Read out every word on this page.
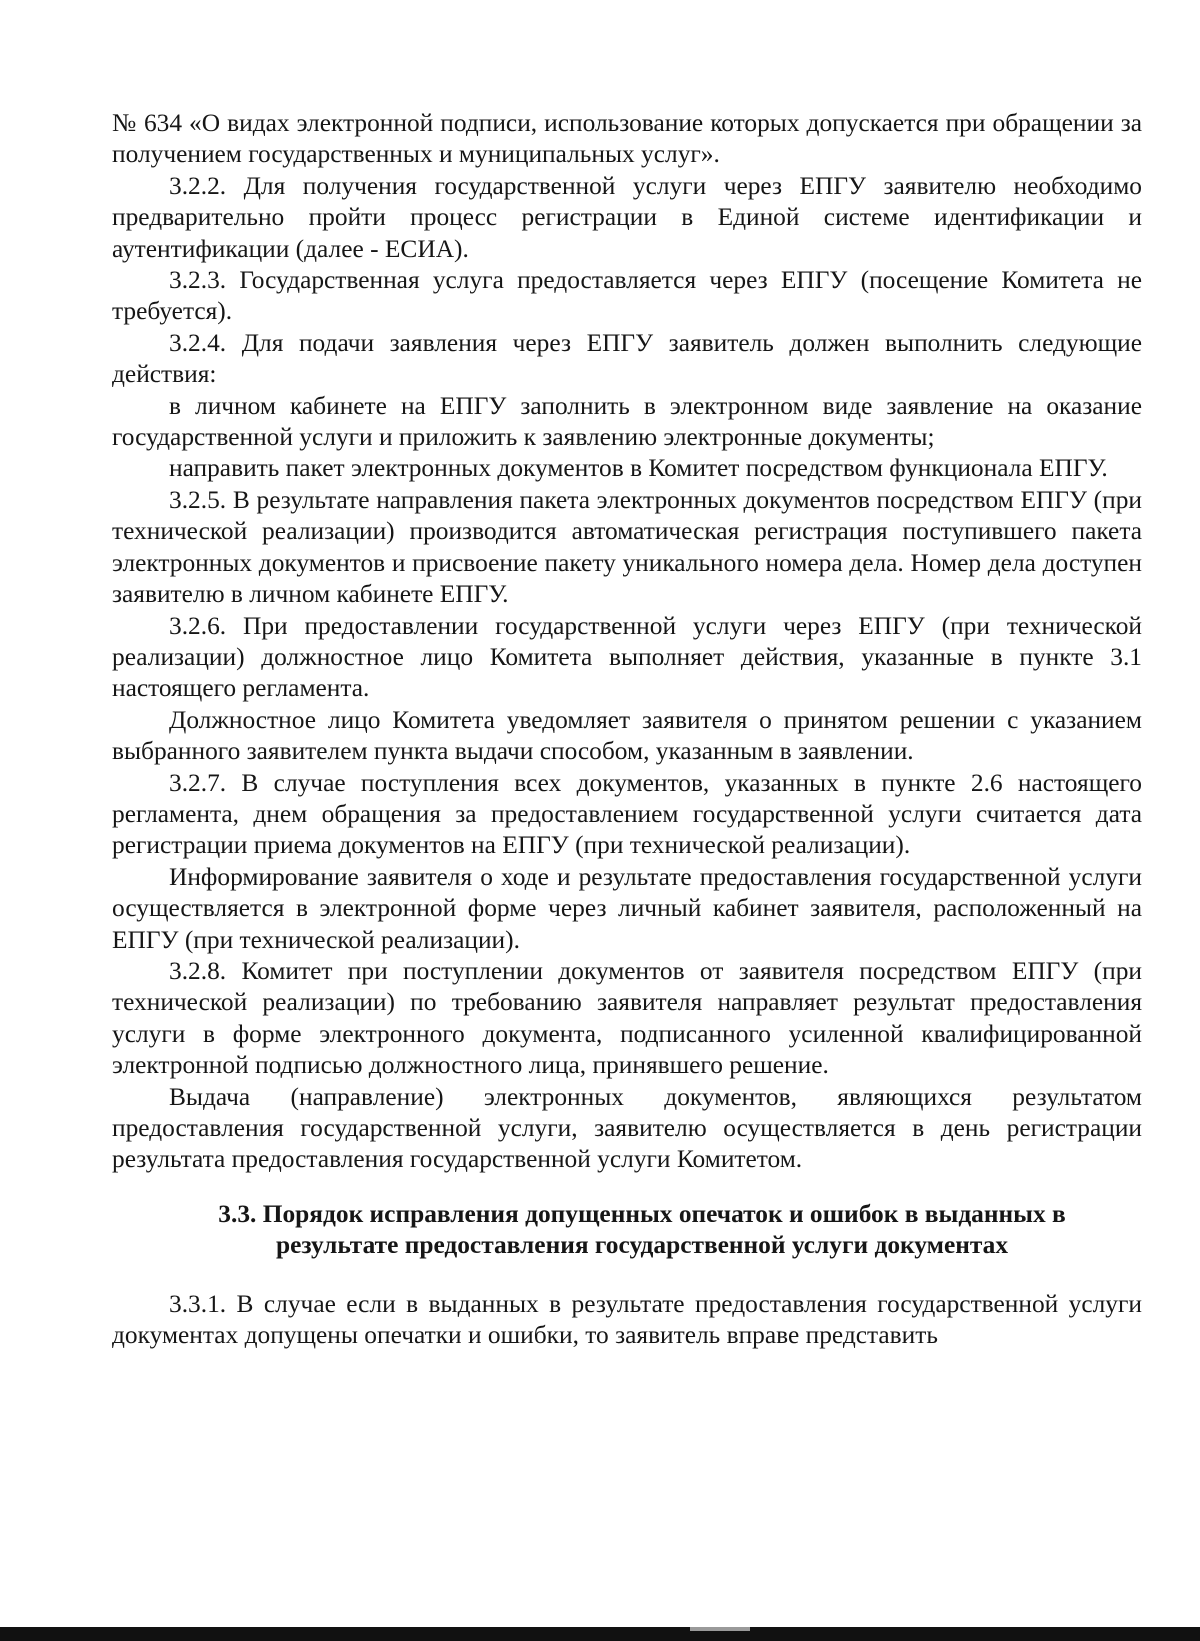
№ 634 «О видах электронной подписи, использование которых допускается при обращении за получением государственных и муниципальных услуг».

3.2.2. Для получения государственной услуги через ЕПГУ заявителю необходимо предварительно пройти процесс регистрации в Единой системе идентификации и аутентификации (далее - ЕСИА).

3.2.3. Государственная услуга предоставляется через ЕПГУ (посещение Комитета не требуется).

3.2.4. Для подачи заявления через ЕПГУ заявитель должен выполнить следующие действия:

в личном кабинете на ЕПГУ заполнить в электронном виде заявление на оказание государственной услуги и приложить к заявлению электронные документы;

направить пакет электронных документов в Комитет посредством функционала ЕПГУ.

3.2.5. В результате направления пакета электронных документов посредством ЕПГУ (при технической реализации) производится автоматическая регистрация поступившего пакета электронных документов и присвоение пакету уникального номера дела. Номер дела доступен заявителю в личном кабинете ЕПГУ.

3.2.6. При предоставлении государственной услуги через ЕПГУ (при технической реализации) должностное лицо Комитета выполняет действия, указанные в пункте 3.1 настоящего регламента.

Должностное лицо Комитета уведомляет заявителя о принятом решении с указанием выбранного заявителем пункта выдачи способом, указанным в заявлении.

3.2.7. В случае поступления всех документов, указанных в пункте 2.6 настоящего регламента, днем обращения за предоставлением государственной услуги считается дата регистрации приема документов на ЕПГУ (при технической реализации).

Информирование заявителя о ходе и результате предоставления государственной услуги осуществляется в электронной форме через личный кабинет заявителя, расположенный на ЕПГУ (при технической реализации).

3.2.8. Комитет при поступлении документов от заявителя посредством ЕПГУ (при технической реализации) по требованию заявителя направляет результат предоставления услуги в форме электронного документа, подписанного усиленной квалифицированной электронной подписью должностного лица, принявшего решение.

Выдача (направление) электронных документов, являющихся результатом предоставления государственной услуги, заявителю осуществляется в день регистрации результата предоставления государственной услуги Комитетом.

3.3. Порядок исправления допущенных опечаток и ошибок в выданных в
результате предоставления государственной услуги документах

3.3.1. В случае если в выданных в результате предоставления государственной услуги документах допущены опечатки и ошибки, то заявитель вправе представить
